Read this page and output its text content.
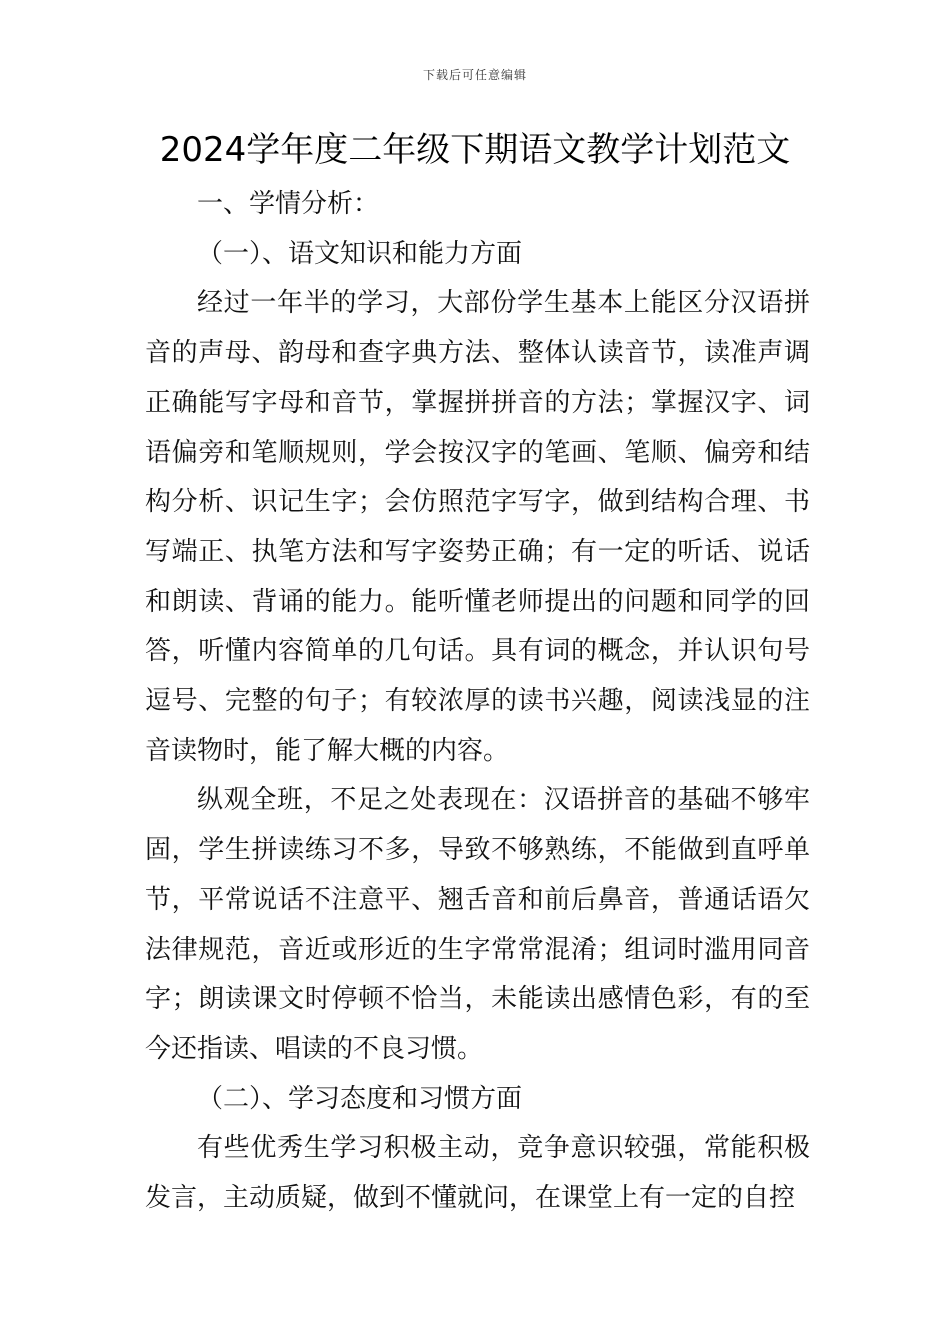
下载后可任意编辑
2024学年度二年级下期语文教学计划范文

一、学情分析：

（一）、语文知识和能力方面

经过一年半的学习，大部份学生基本上能区分汉语拼音的声母、韵母和查字典方法、整体认读音节，读准声调正确能写字母和音节，掌握拼拼音的方法；掌握汉字、词语偏旁和笔顺规则，学会按汉字的笔画、笔顺、偏旁和结构分析、识记生字；会仿照范字写字，做到结构合理、书写端正、执笔方法和写字姿势正确；有一定的听话、说话和朗读、背诵的能力。能听懂老师提出的问题和同学的回答，听懂内容简单的几句话。具有词的概念，并认识句号逗号、完整的句子；有较浓厚的读书兴趣，阅读浅显的注音读物时，能了解大概的内容。

纵观全班，不足之处表现在：汉语拼音的基础不够牢固，学生拼读练习不多，导致不够熟练，不能做到直呼单节，平常说话不注意平、翘舌音和前后鼻音，普通话语欠法律规范，音近或形近的生字常常混淆；组词时滥用同音字；朗读课文时停顿不恰当，未能读出感情色彩，有的至今还指读、唱读的不良习惯。

（二）、学习态度和习惯方面

有些优秀生学习积极主动，竞争意识较强，常能积极发言，主动质疑，做到不懂就问，在课堂上有一定的自控
